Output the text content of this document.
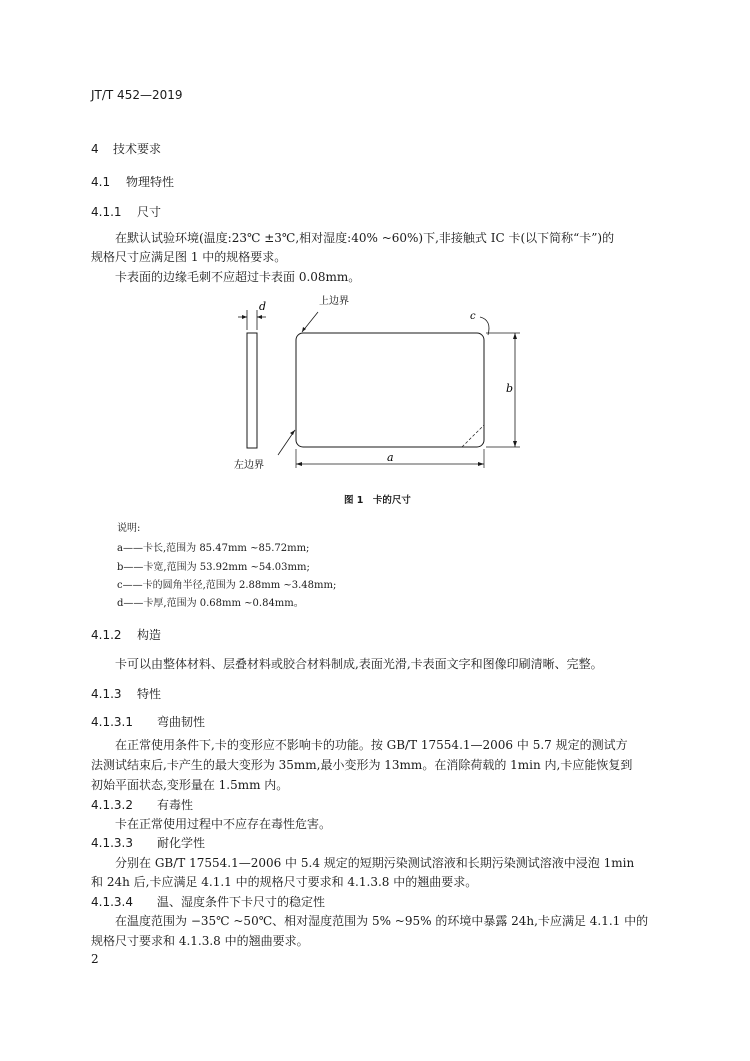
JT/T 452—2019
4 技术要求
4.1 物理特性
4.1.1 尺寸
在默认试验环境(温度:23℃ ±3℃,相对湿度:40% ~60%)下,非接触式 IC 卡(以下简称“卡”)的
规格尺寸应满足图 1 中的规格要求。
卡表面的边缘毛刺不应超过卡表面 0.08mm。
d	上边界
c
b
a
左边界
图 1　卡的尺寸
说明:
a——卡长,范围为 85.47mm ~85.72mm;
b——卡宽,范围为 53.92mm ~54.03mm;
c——卡的圆角半径,范围为 2.88mm ~3.48mm;
d——卡厚,范围为 0.68mm ~0.84mm。
4.1.2 构造
卡可以由整体材料、层叠材料或胶合材料制成,表面光滑,卡表面文字和图像印刷清晰、完整。
4.1.3 特性
4.1.3.1 弯曲韧性
在正常使用条件下,卡的变形应不影响卡的功能。按 GB/T 17554.1—2006 中 5.7 规定的测试方
法测试结束后,卡产生的最大变形为 35mm,最小变形为 13mm。在消除荷载的 1min 内,卡应能恢复到
初始平面状态,变形量在 1.5mm 内。
4.1.3.2 有毒性
卡在正常使用过程中不应存在毒性危害。
4.1.3.3 耐化学性
分别在 GB/T 17554.1—2006 中 5.4 规定的短期污染测试溶液和长期污染测试溶液中浸泡 1min
和 24h 后,卡应满足 4.1.1 中的规格尺寸要求和 4.1.3.8 中的翘曲要求。
4.1.3.4 温、湿度条件下卡尺寸的稳定性
在温度范围为 −35℃ ~50℃、相对湿度范围为 5% ~95% 的环境中暴露 24h,卡应满足 4.1.1 中的
规格尺寸要求和 4.1.3.8 中的翘曲要求。
2
